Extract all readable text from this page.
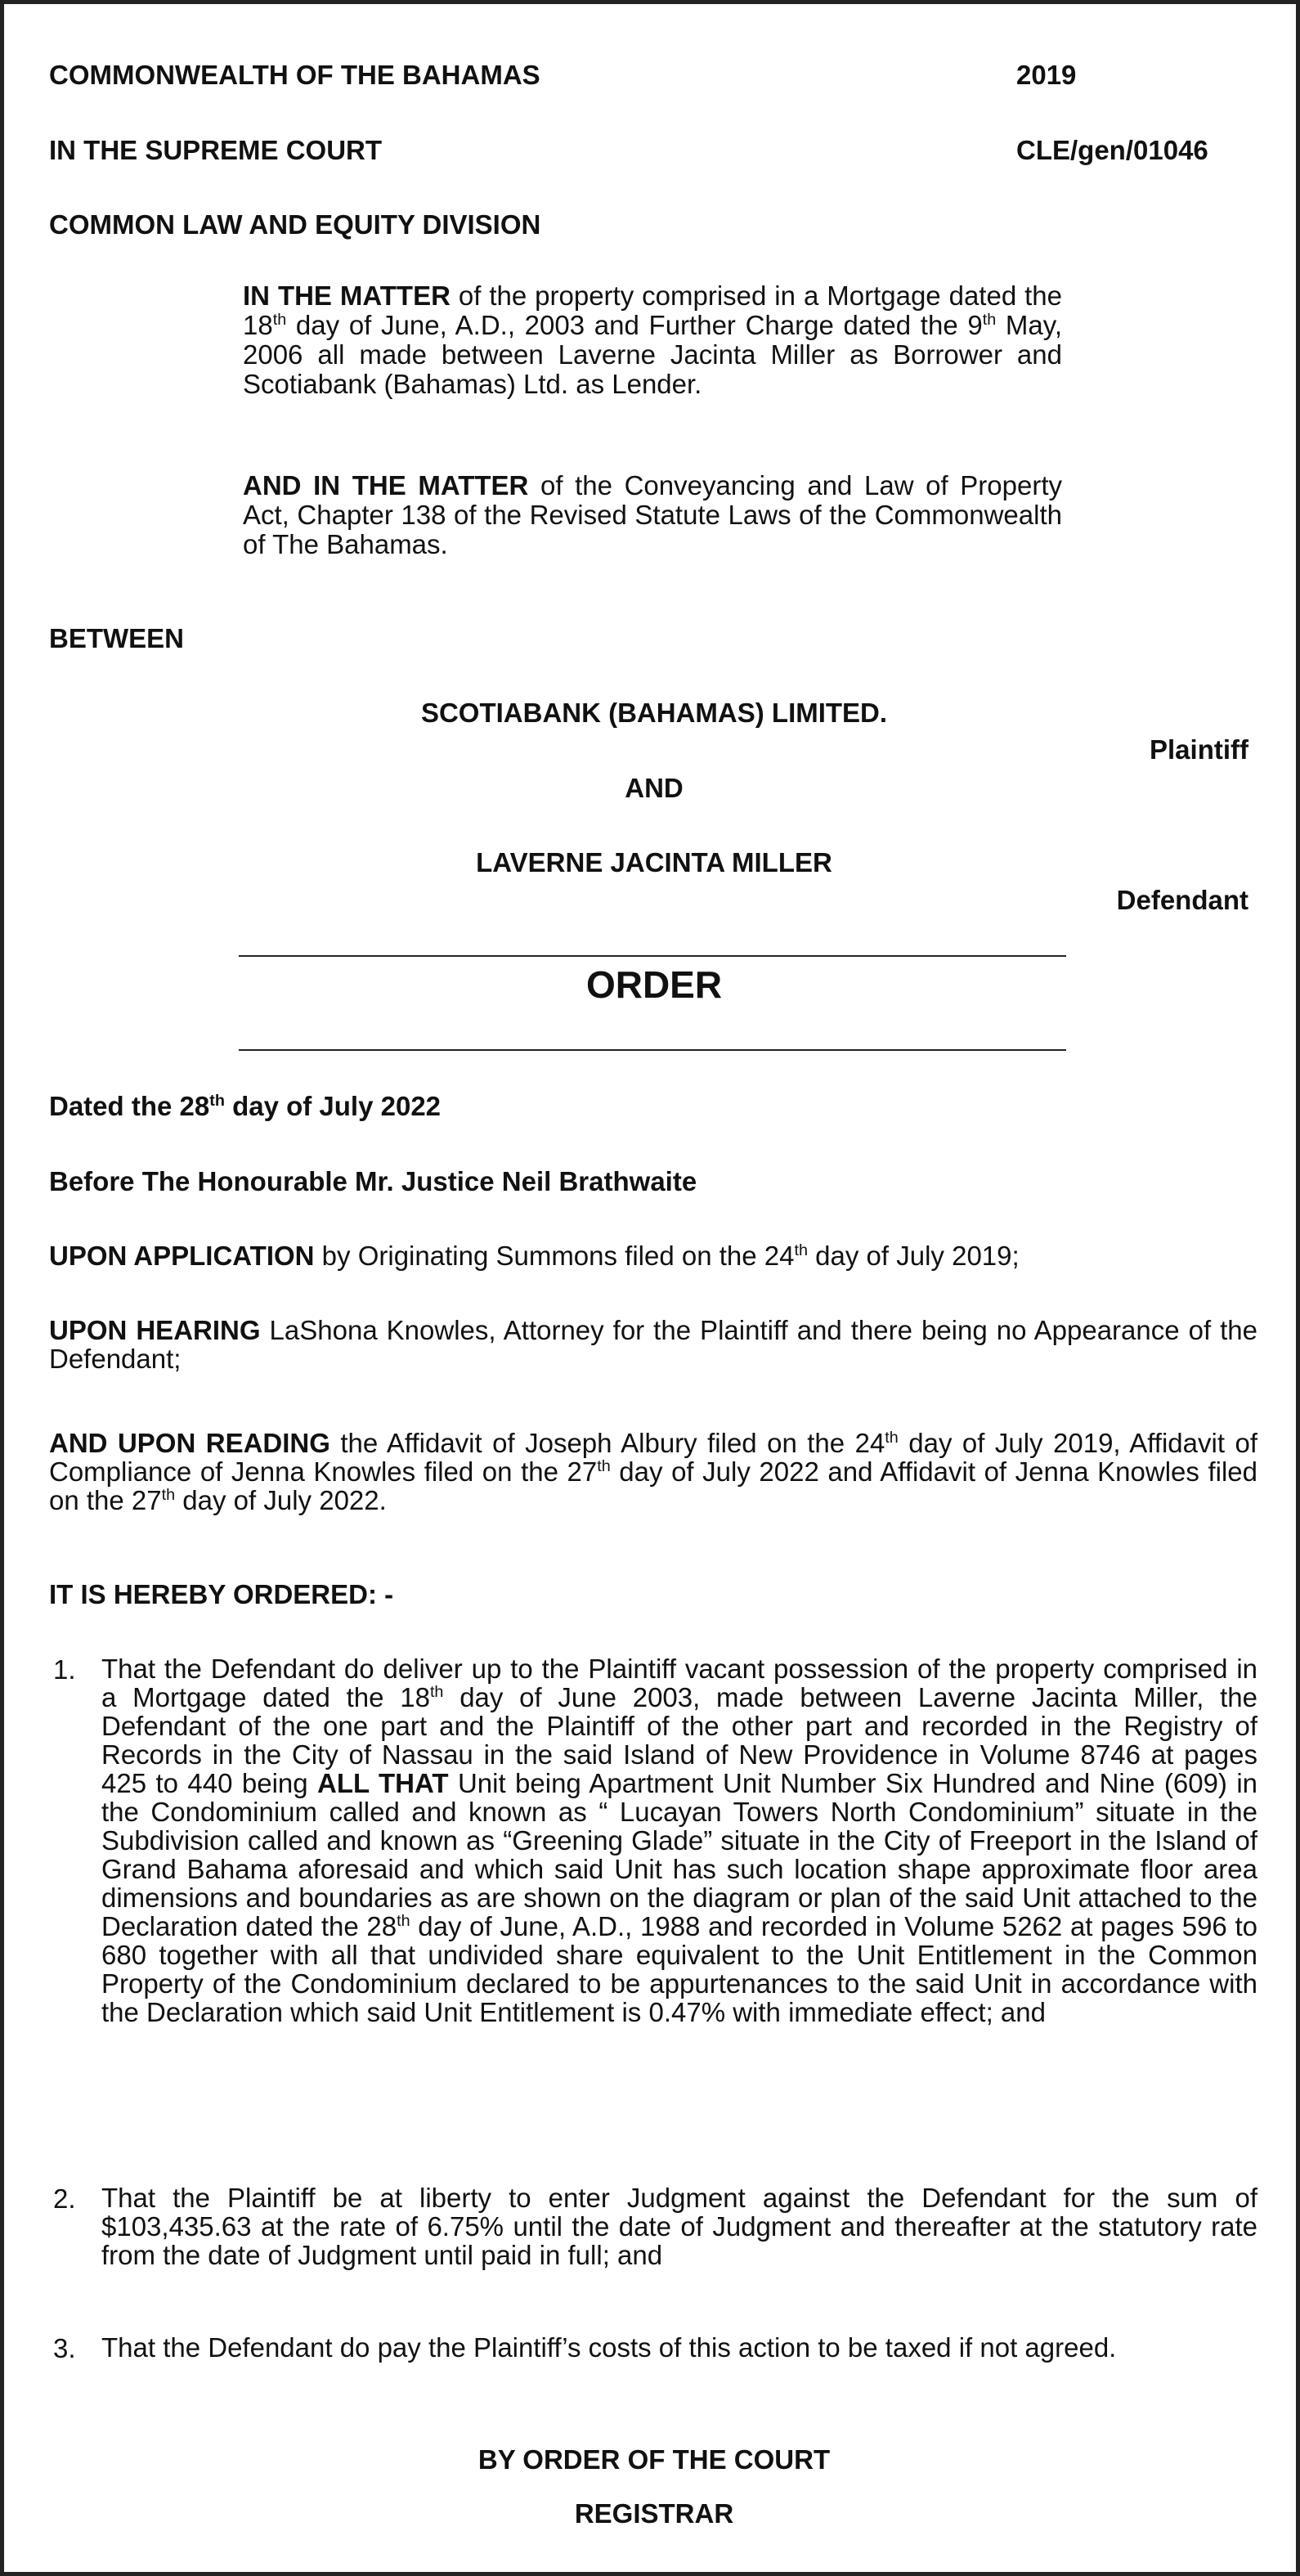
COMMONWEALTH OF THE BAHAMAS	2019
IN THE SUPREME COURT	CLE/gen/01046
COMMON LAW AND EQUITY DIVISION
IN THE MATTER of the property comprised in a Mortgage dated the 18th day of June, A.D., 2003 and Further Charge dated the 9th May, 2006 all made between Laverne Jacinta Miller as Borrower and Scotiabank (Bahamas) Ltd. as Lender.
AND IN THE MATTER of the Conveyancing and Law of Property Act, Chapter 138 of the Revised Statute Laws of the Commonwealth of The Bahamas.
BETWEEN
SCOTIABANK (BAHAMAS) LIMITED.
Plaintiff
AND
LAVERNE JACINTA MILLER
Defendant
ORDER
Dated the 28th day of July 2022
Before The Honourable Mr. Justice Neil Brathwaite
UPON APPLICATION by Originating Summons filed on the 24th day of July 2019;
UPON HEARING LaShona Knowles, Attorney for the Plaintiff and there being no Appearance of the Defendant;
AND UPON READING the Affidavit of Joseph Albury filed on the 24th day of July 2019, Affidavit of Compliance of Jenna Knowles filed on the 27th day of July 2022 and Affidavit of Jenna Knowles filed on the 27th day of July 2022.
IT IS HEREBY ORDERED: -
1. That the Defendant do deliver up to the Plaintiff vacant possession of the property comprised in a Mortgage dated the 18th day of June 2003, made between Laverne Jacinta Miller, the Defendant of the one part and the Plaintiff of the other part and recorded in the Registry of Records in the City of Nassau in the said Island of New Providence in Volume 8746 at pages 425 to 440 being ALL THAT Unit being Apartment Unit Number Six Hundred and Nine (609) in the Condominium called and known as “ Lucayan Towers North Condominium” situate in the Subdivision called and known as “Greening Glade” situate in the City of Freeport in the Island of Grand Bahama aforesaid and which said Unit has such location shape approximate floor area dimensions and boundaries as are shown on the diagram or plan of the said Unit attached to the Declaration dated the 28th day of June, A.D., 1988 and recorded in Volume 5262 at pages 596 to 680 together with all that undivided share equivalent to the Unit Entitlement in the Common Property of the Condominium declared to be appurtenances to the said Unit in accordance with the Declaration which said Unit Entitlement is 0.47% with immediate effect; and
2. That the Plaintiff be at liberty to enter Judgment against the Defendant for the sum of $103,435.63 at the rate of 6.75% until the date of Judgment and thereafter at the statutory rate from the date of Judgment until paid in full; and
3. That the Defendant do pay the Plaintiff’s costs of this action to be taxed if not agreed.
BY ORDER OF THE COURT
REGISTRAR
